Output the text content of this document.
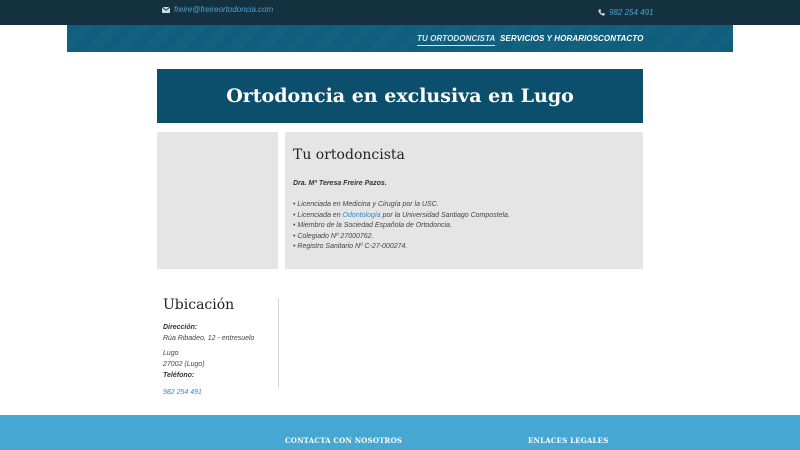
freire@freireortodoncia.com	982 254 491
TU ORTODONCISTA SERVICIOS Y HORARIOS CONTACTO
Ortodoncia en exclusiva en Lugo
Tu ortodoncista
Dra. Mª Teresa Freire Pazos.
• Licenciada en Medicina y Cirugía por la USC.
• Licenciada en Odontología por la Universidad Santiago Compostela.
• Miembro de la Sociedad Española de Ortodoncia.
• Colegiado Nº 27000762.
• Registro Sanitario Nº C-27-000274.
Ubicación
Dirección:
Rúa Ribadeo, 12 - entresuelo
Lugo
27002 (Lugo)
Teléfono:
982 254 491
CONTACTA CON NOSOTROS	ENLACES LEGALES
